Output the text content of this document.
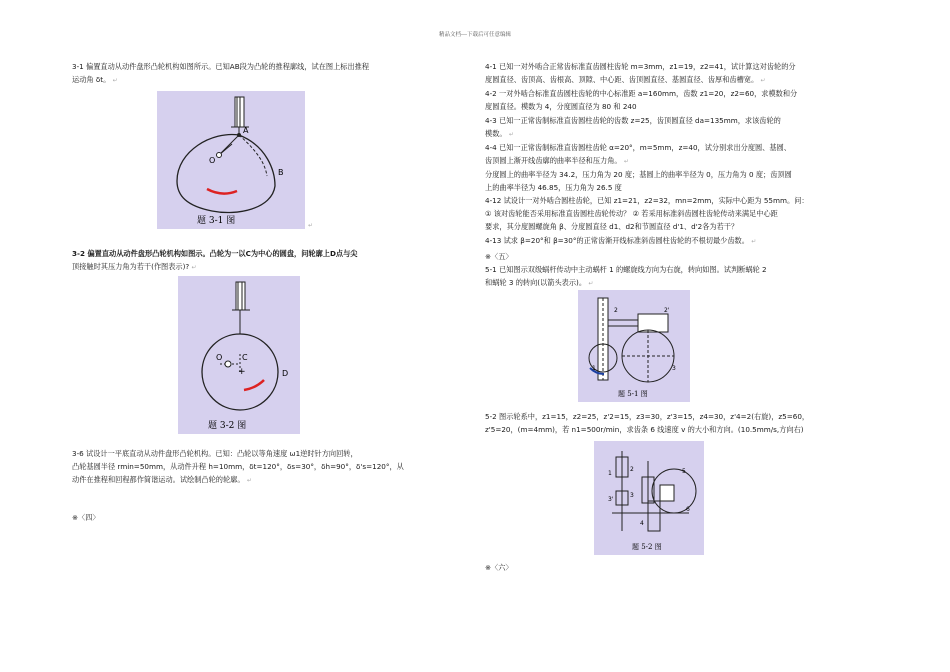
精品文档---下载后可任意编辑
3-1 偏置直动从动件盘形凸轮机构如图所示。已知AB段为凸轮的推程廓线，试在图上标出推程
运动角 δt。 ↵
A
O
B
题 3-1 图	↵
3-2 偏置直动从动件盘形凸轮机构如图示。凸轮为一以C为中心的圆盘，问轮廓上D点与尖
顶接触时其压力角为若干(作图表示)? ↵
+
O C
D
题 3-2 图
3-6 试设计一平底直动从动件盘形凸轮机构。已知：凸轮以等角速度 ω1逆时针方向回转，
凸轮基圆半径 rmin=50mm，从动件升程 h=10mm，δt=120°，δs=30°，δh=90°，δ's=120°，从
动件在推程和回程都作简谐运动。试绘制凸轮的轮廓。 ↵
※〈四〉
4-1 已知一对外啮合正常齿标准直齿圆柱齿轮 m=3mm，z1=19，z2=41，试计算这对齿轮的分
度圆直径、齿顶高、齿根高、顶隙、中心距、齿顶圆直径、基圆直径、齿厚和齿槽宽。 ↵
4-2 一对外啮合标准直齿圆柱齿轮的中心标准距 a=160mm，齿数 z1=20，z2=60，求模数和分
度圆直径。模数为 4，分度圆直径为 80 和 240
4-3 已知一正常齿制标准直齿圆柱齿轮的齿数 z=25，齿顶圆直径 da=135mm，求该齿轮的
模数。 ↵
4-4 已知一正常齿制标准直齿圆柱齿轮 α=20°，m=5mm，z=40，试分别求出分度圆、基圆、
齿顶圆上渐开线齿廓的曲率半径和压力角。 ↵
分度圆上的曲率半径为 34.2，压力角为 20 度；基圆上的曲率半径为 0，压力角为 0 度；齿顶圆
上的曲率半径为 46.85，压力角为 26.5 度
4-12 试设计一对外啮合圆柱齿轮，已知 z1=21，z2=32，mn=2mm，实际中心距为 55mm。问：
① 该对齿轮能否采用标准直齿圆柱齿轮传动？ ② 若采用标准斜齿圆柱齿轮传动来满足中心距
要求，其分度圆螺旋角 β、分度圆直径 d1、d2和节圆直径 d'1、d'2各为若干？
4-13 试求 β=20°和 β=30°的正常齿渐开线标准斜齿圆柱齿轮的不根切最少齿数。 ↵
※〈五〉
5-1 已知图示双级蜗杆传动中主动蜗杆 1 的螺旋线方向为右旋，转向如图。试判断蜗轮 2
和蜗轮 3 的转向(以箭头表示)。 ↵
1
2	2'
3
题 5-1 图
5-2 图示轮系中，z1=15，z2=25，z'2=15，z3=30，z'3=15，z4=30，z'4=2(右旋)，z5=60，
z'5=20，(m=4mm)，若 n1=500r/min，求齿条 6 线速度 v 的大小和方向。(10.5mm/s,方向右)
1
2
3
3'
4
5
6
题 5-2 图
※〈六〉
